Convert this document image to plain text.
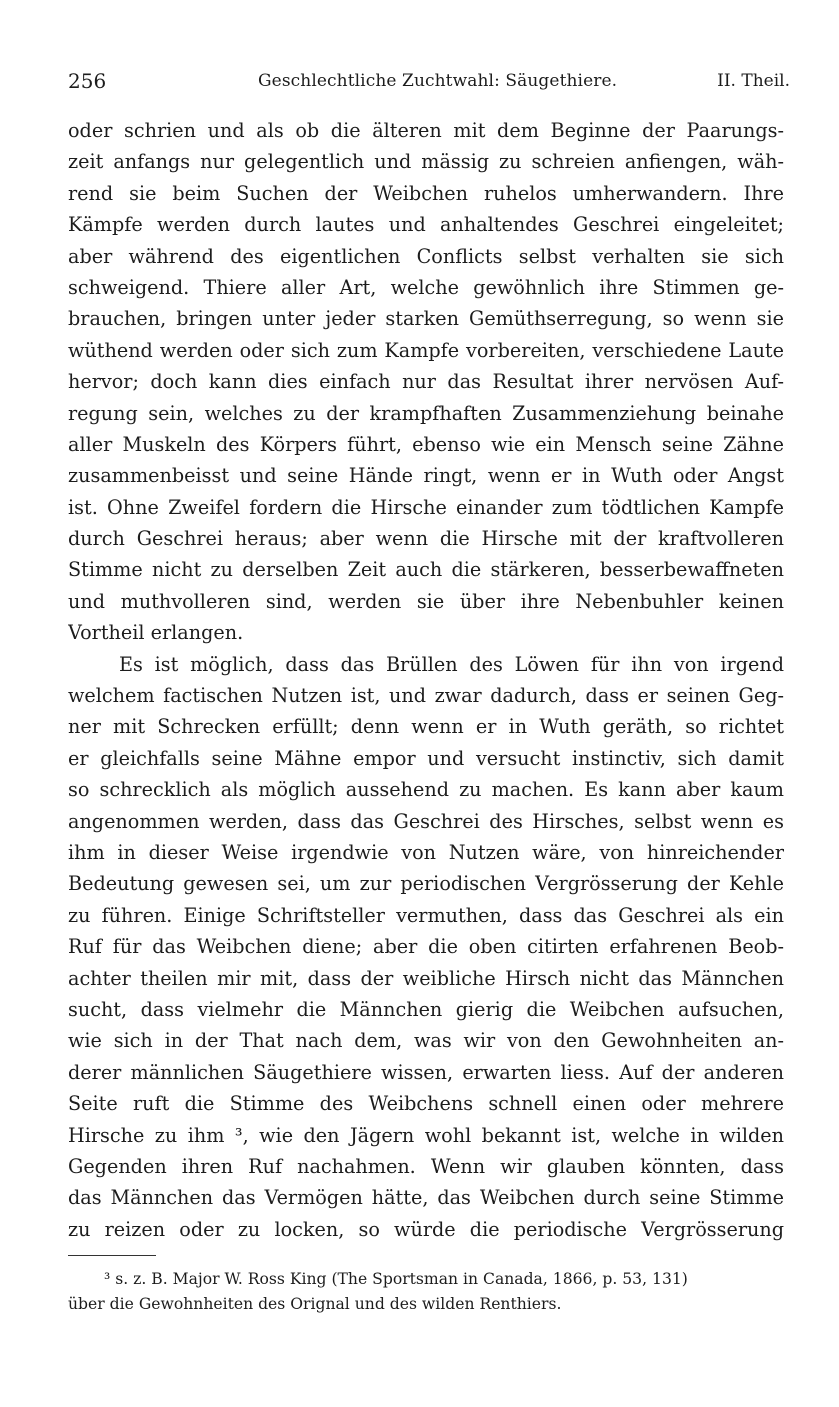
256	Geschlechtliche Zuchtwahl: Säugethiere.	II. Theil.
oder schrien und als ob die älteren mit dem Beginne der Paarungs-
zeit anfangs nur gelegentlich und mässig zu schreien anfiengen, wäh-
rend sie beim Suchen der Weibchen ruhelos umherwandern. Ihre
Kämpfe werden durch lautes und anhaltendes Geschrei eingeleitet;
aber während des eigentlichen Conflicts selbst verhalten sie sich
schweigend. Thiere aller Art, welche gewöhnlich ihre Stimmen ge-
brauchen, bringen unter jeder starken Gemüthserregung, so wenn sie
wüthend werden oder sich zum Kampfe vorbereiten, verschiedene Laute
hervor; doch kann dies einfach nur das Resultat ihrer nervösen Auf-
regung sein, welches zu der krampfhaften Zusammenziehung beinahe
aller Muskeln des Körpers führt, ebenso wie ein Mensch seine Zähne
zusammenbeisst und seine Hände ringt, wenn er in Wuth oder Angst
ist. Ohne Zweifel fordern die Hirsche einander zum tödtlichen Kampfe
durch Geschrei heraus; aber wenn die Hirsche mit der kraftvolleren
Stimme nicht zu derselben Zeit auch die stärkeren, besserbewaffneten
und muthvolleren sind, werden sie über ihre Nebenbuhler keinen
Vortheil erlangen.
Es ist möglich, dass das Brüllen des Löwen für ihn von irgend
welchem factischen Nutzen ist, und zwar dadurch, dass er seinen Geg-
ner mit Schrecken erfüllt; denn wenn er in Wuth geräth, so richtet
er gleichfalls seine Mähne empor und versucht instinctiv, sich damit
so schrecklich als möglich aussehend zu machen. Es kann aber kaum
angenommen werden, dass das Geschrei des Hirsches, selbst wenn es
ihm in dieser Weise irgendwie von Nutzen wäre, von hinreichender
Bedeutung gewesen sei, um zur periodischen Vergrösserung der Kehle
zu führen. Einige Schriftsteller vermuthen, dass das Geschrei als ein
Ruf für das Weibchen diene; aber die oben citirten erfahrenen Beob-
achter theilen mir mit, dass der weibliche Hirsch nicht das Männchen
sucht, dass vielmehr die Männchen gierig die Weibchen aufsuchen,
wie sich in der That nach dem, was wir von den Gewohnheiten an-
derer männlichen Säugethiere wissen, erwarten liess. Auf der anderen
Seite ruft die Stimme des Weibchens schnell einen oder mehrere
Hirsche zu ihm ³, wie den Jägern wohl bekannt ist, welche in wilden
Gegenden ihren Ruf nachahmen. Wenn wir glauben könnten, dass
das Männchen das Vermögen hätte, das Weibchen durch seine Stimme
zu reizen oder zu locken, so würde die periodische Vergrösserung
³ s. z. B. Major W. Ross King (The Sportsman in Canada, 1866, p. 53, 131)
über die Gewohnheiten des Orignal und des wilden Renthiers.
